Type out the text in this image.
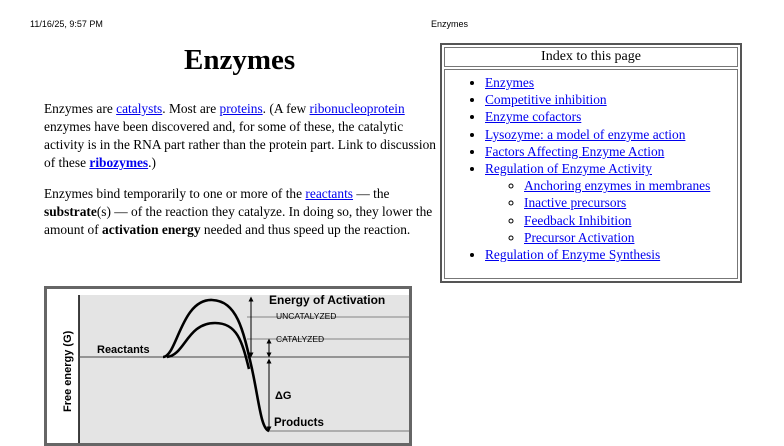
11/16/25, 9:57 PM	Enzymes
Enzymes

Enzymes are catalysts. Most are proteins. (A few ribonucleoprotein enzymes have been discovered and, for some of these, the catalytic activity is in the RNA part rather than the protein part. Link to discussion of these ribozymes.)

Enzymes bind temporarily to one or more of the reactants — the substrate(s) — of the reaction they catalyze. In doing so, they lower the amount of activation energy needed and thus speed up the reaction.

Index to this page
• Enzymes
• Competitive inhibition
• Enzyme cofactors
• Lysozyme: a model of enzyme action
• Factors Affecting Enzyme Action
• Regulation of Enzyme Activity
◦ Anchoring enzymes in membranes
◦ Inactive precursors
◦ Feedback Inhibition
◦ Precursor Activation
• Regulation of Enzyme Synthesis
Energy of Activation
UNCATALYZED
CATALYZED
Reactants
ΔG
Products
Free energy (G)
